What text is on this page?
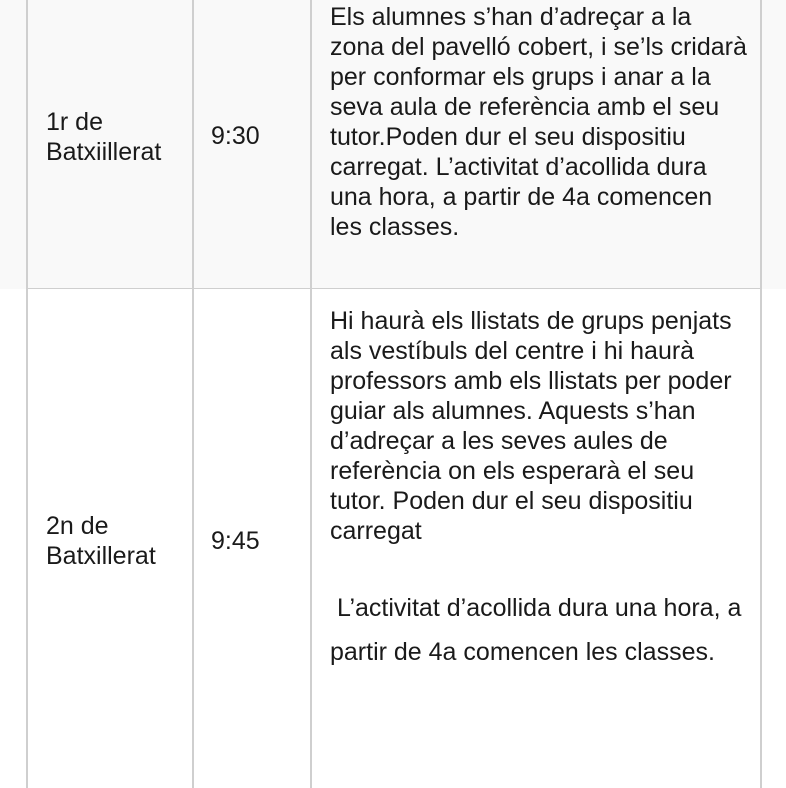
1r de
Batxiillerat
9:30

Els alumnes s’han d’adreçar a la zona del pavelló cobert, i se’ls cridarà per conformar els grups i anar a la seva aula de referència amb el seu tutor.Poden dur el seu dispositiu carregat. L’activitat d’acollida dura una hora, a partir de 4a comencen les classes.

2n de
Batxillerat
9:45

Hi haurà els llistats de grups penjats als vestíbuls del centre i hi haurà professors amb els llistats per poder guiar als alumnes. Aquests s’han d’adreçar a les seves aules de referència on els esperarà el seu tutor. Poden dur el seu dispositiu carregat

L’activitat d’acollida dura una hora, a partir de 4a comencen les classes.
